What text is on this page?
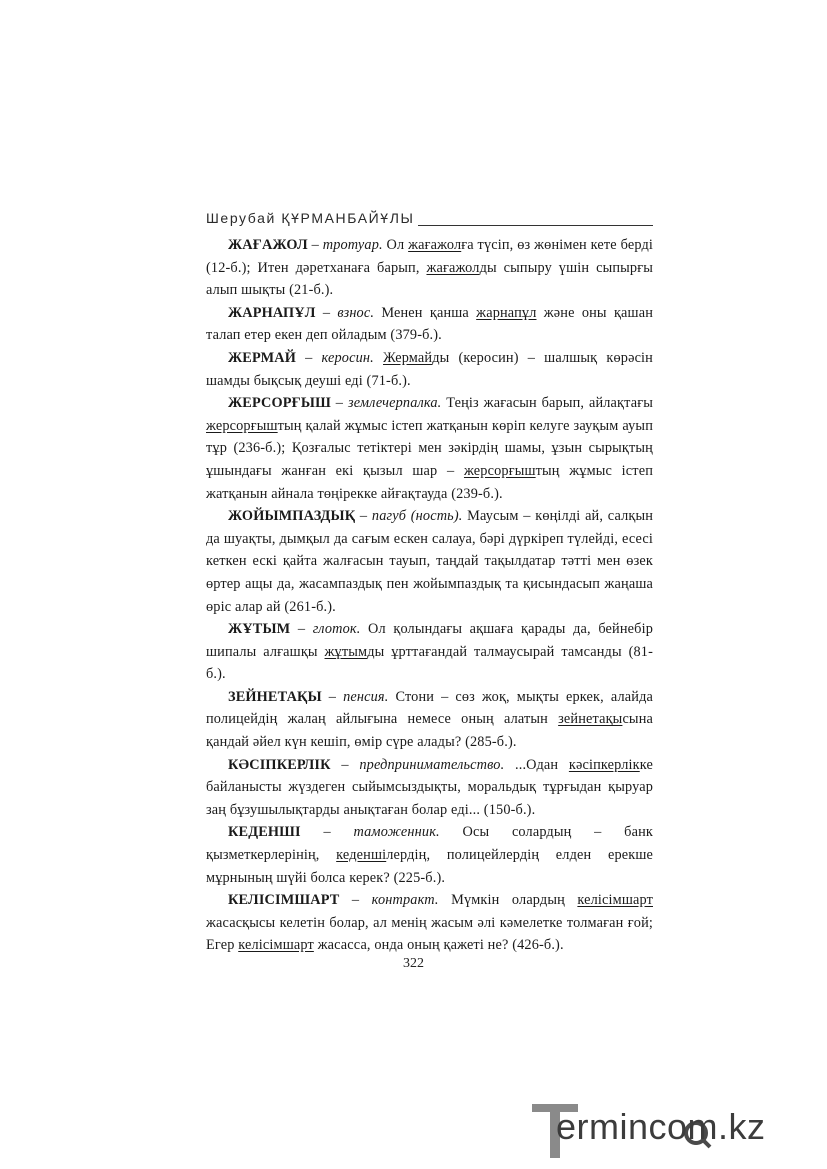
Шерубай ҚҰРМАНБАЙҰЛЫ

ЖАҒАЖОЛ – тротуар. Ол жағажолға түсіп, өз жөнімен кете берді (12-б.); Итен дəретханаға барып, жағажолды сыпыру үшін сыпырғы алып шықты (21-б.).

ЖАРНАПҰЛ – взнос. Менен қанша жарнапұл жəне оны қашан талап етер екен деп ойладым (379-б.).

ЖЕРМАЙ – керосин. Жермайды (керосин) – шалшық көрəсін шамды бықсық деуші еді (71-б.).

ЖЕРСОРҒЫШ – землечерпалка. Теңіз жағасын барып, айлақтағы жерсорғыштың қалай жұмыс істеп жатқанын көріп келуге зауқым ауып тұр (236-б.); Қозғалыс тетіктері мен зəкірдің шамы, ұзын сырықтың ұшындағы жанған екі қызыл шар – жерсорғыштың жұмыс істеп жатқанын айнала төңірекке айғақтауда (239-б.).

ЖОЙЫМПАЗДЫҚ – пагуб (ность). Маусым – көңілді ай, салқын да шуақты, дымқыл да сағым ескен салауа, бəрі дүркіреп түлейді, есесі кеткен ескі қайта жалғасын тауып, таңдай тақылдатар тəтті мен өзек өртер ащы да, жасампаздық пен жойымпаздық та қисындасып жаңаша өріс алар ай (261-б.).

ЖҰТЫМ – глоток. Ол қолындағы ақшаға қарады да, бейнебір шипалы алғашқы жұтымды ұрттағандай талмаусырай тамсанды (81-б.).

ЗЕЙНЕТАҚЫ – пенсия. Стони – сөз жоқ, мықты еркек, алайда полицейдің жалаң айлығына немесе оның алатын зейнетақысына қандай əйел күн кешіп, өмір сүре алады? (285-б.).

КƏСІПКЕРЛІК – предпринимательство. ...Одан кəсіпкерлікке байланысты жүздеген сыйымсыздықты, моральдық тұрғыдан қыруар заң бұзушылықтарды анықтаған болар еді... (150-б.).

КЕДЕНШІ – таможенник. Осы солардың – банк қызметкерлерінің, кеденшілердің, полицейлердің елден ерекше мұрнының шүйі болса керек? (225-б.).

КЕЛІСІМШАРТ – контракт. Мүмкін олардың келісімшарт жасасқысы келетін болар, ал менің жасым əлі кəмелетке толмаған ғой; Егер келісімшарт жасасса, онда оның қажеті не? (426-б.).

322
ermincom.kz
